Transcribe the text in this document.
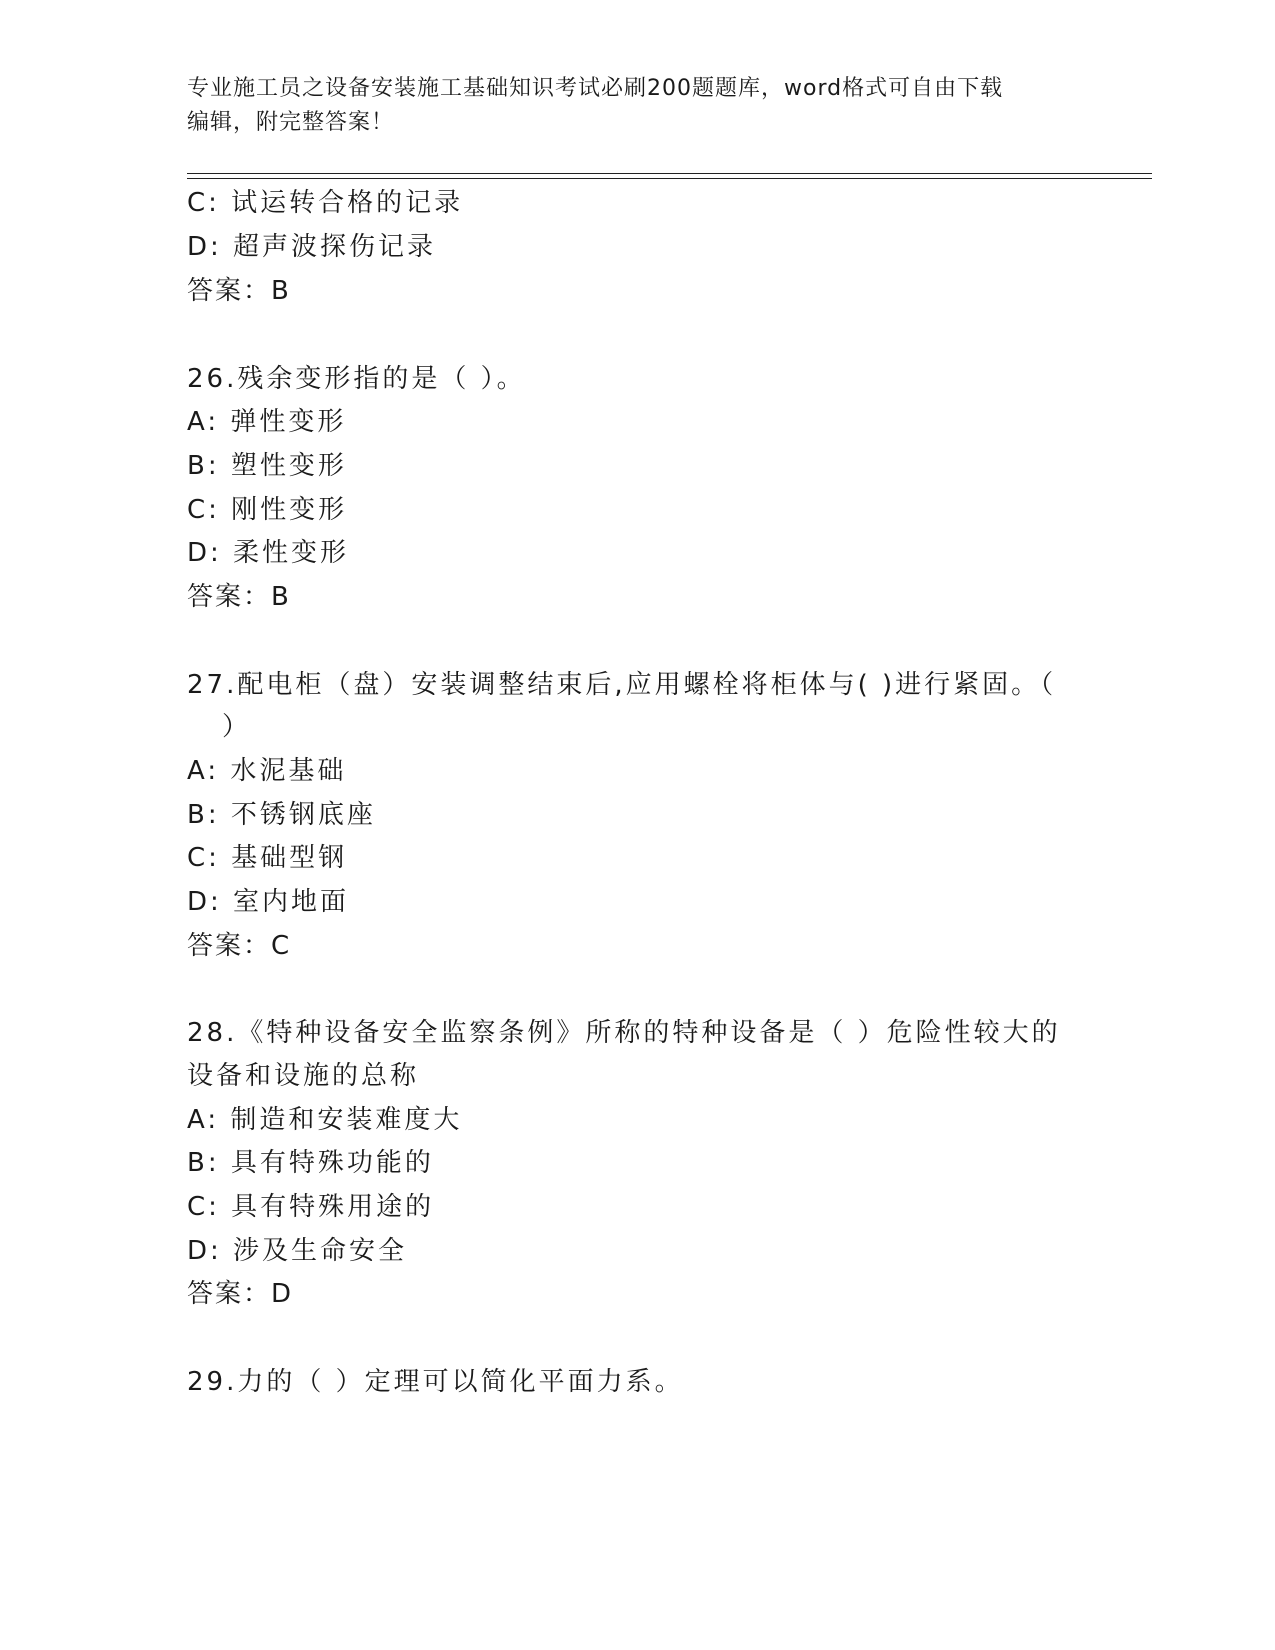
专业施工员之设备安装施工基础知识考试必刷200题题库，word格式可自由下载
编辑，附完整答案！
C: 试运转合格的记录
D: 超声波探伤记录
答案：B
26.残余变形指的是（ ）。
A: 弹性变形
B: 塑性变形
C: 刚性变形
D: 柔性变形
答案：B
27.配电柜（盘）安装调整结束后,应用螺栓将柜体与( )进行紧固。（
）
A: 水泥基础
B: 不锈钢底座
C: 基础型钢
D: 室内地面
答案：C
28.《特种设备安全监察条例》所称的特种设备是（ ）危险性较大的
设备和设施的总称
A: 制造和安装难度大
B: 具有特殊功能的
C: 具有特殊用途的
D: 涉及生命安全
答案：D
29.力的（ ）定理可以简化平面力系。
